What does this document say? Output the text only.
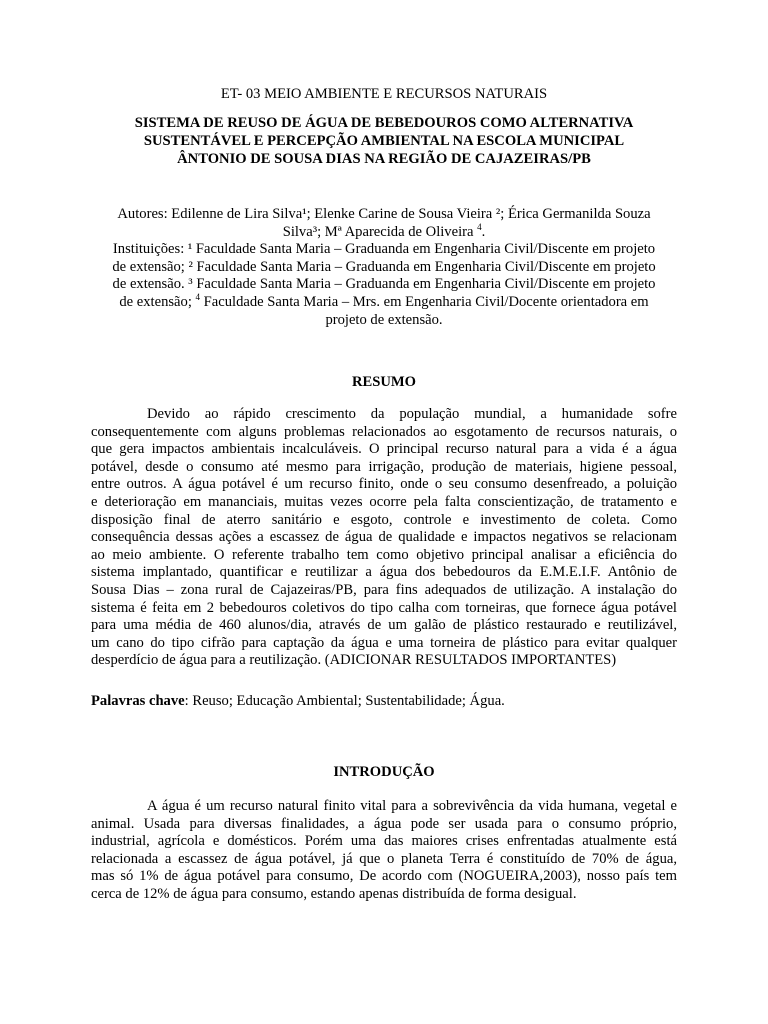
ET- 03 MEIO AMBIENTE E RECURSOS NATURAIS
SISTEMA DE REUSO DE ÁGUA DE BEBEDOUROS COMO ALTERNATIVA
SUSTENTÁVEL E PERCEPÇÃO AMBIENTAL NA ESCOLA MUNICIPAL
ÂNTONIO DE SOUSA DIAS NA REGIÃO DE CAJAZEIRAS/PB
Autores: Edilenne de Lira Silva¹; Elenke Carine de Sousa Vieira ²; Érica Germanilda Souza
Silva³; Mª Aparecida de Oliveira $^4$.
Instituições: ¹ Faculdade Santa Maria – Graduanda em Engenharia Civil/Discente em projeto
de extensão; ² Faculdade Santa Maria – Graduanda em Engenharia Civil/Discente em projeto
de extensão. ³ Faculdade Santa Maria – Graduanda em Engenharia Civil/Discente em projeto
de extensão; $^4$ Faculdade Santa Maria – Mrs. em Engenharia Civil/Docente orientadora em
projeto de extensão.
RESUMO
Devido ao rápido crescimento da população mundial, a humanidade sofre
consequentemente com alguns problemas relacionados ao esgotamento de recursos naturais, o
que gera impactos ambientais incalculáveis. O principal recurso natural para a vida é a água
potável, desde o consumo até mesmo para irrigação, produção de materiais, higiene pessoal,
entre outros. A água potável é um recurso finito, onde o seu consumo desenfreado, a poluição
e deterioração em mananciais, muitas vezes ocorre pela falta conscientização, de tratamento e
disposição final de aterro sanitário e esgoto, controle e investimento de coleta. Como
consequência dessas ações a escassez de água de qualidade e impactos negativos se relacionam
ao meio ambiente. O referente trabalho tem como objetivo principal analisar a eficiência do
sistema implantado, quantificar e reutilizar a água dos bebedouros da E.M.E.I.F. Antônio de
Sousa Dias – zona rural de Cajazeiras/PB, para fins adequados de utilização. A instalação do
sistema é feita em 2 bebedouros coletivos do tipo calha com torneiras, que fornece água potável
para uma média de 460 alunos/dia, através de um galão de plástico restaurado e reutilizável,
um cano do tipo cifrão para captação da água e uma torneira de plástico para evitar qualquer
desperdício de água para a reutilização. (ADICIONAR RESULTADOS IMPORTANTES)
Palavras chave: Reuso; Educação Ambiental; Sustentabilidade; Água.
INTRODUÇÃO
A água é um recurso natural finito vital para a sobrevivência da vida humana, vegetal e
animal. Usada para diversas finalidades, a água pode ser usada para o consumo próprio,
industrial, agrícola e domésticos. Porém uma das maiores crises enfrentadas atualmente está
relacionada a escassez de água potável, já que o planeta Terra é constituído de 70% de água,
mas só 1% de água potável para consumo, De acordo com (NOGUEIRA,2003), nosso país tem
cerca de 12% de água para consumo, estando apenas distribuída de forma desigual.
